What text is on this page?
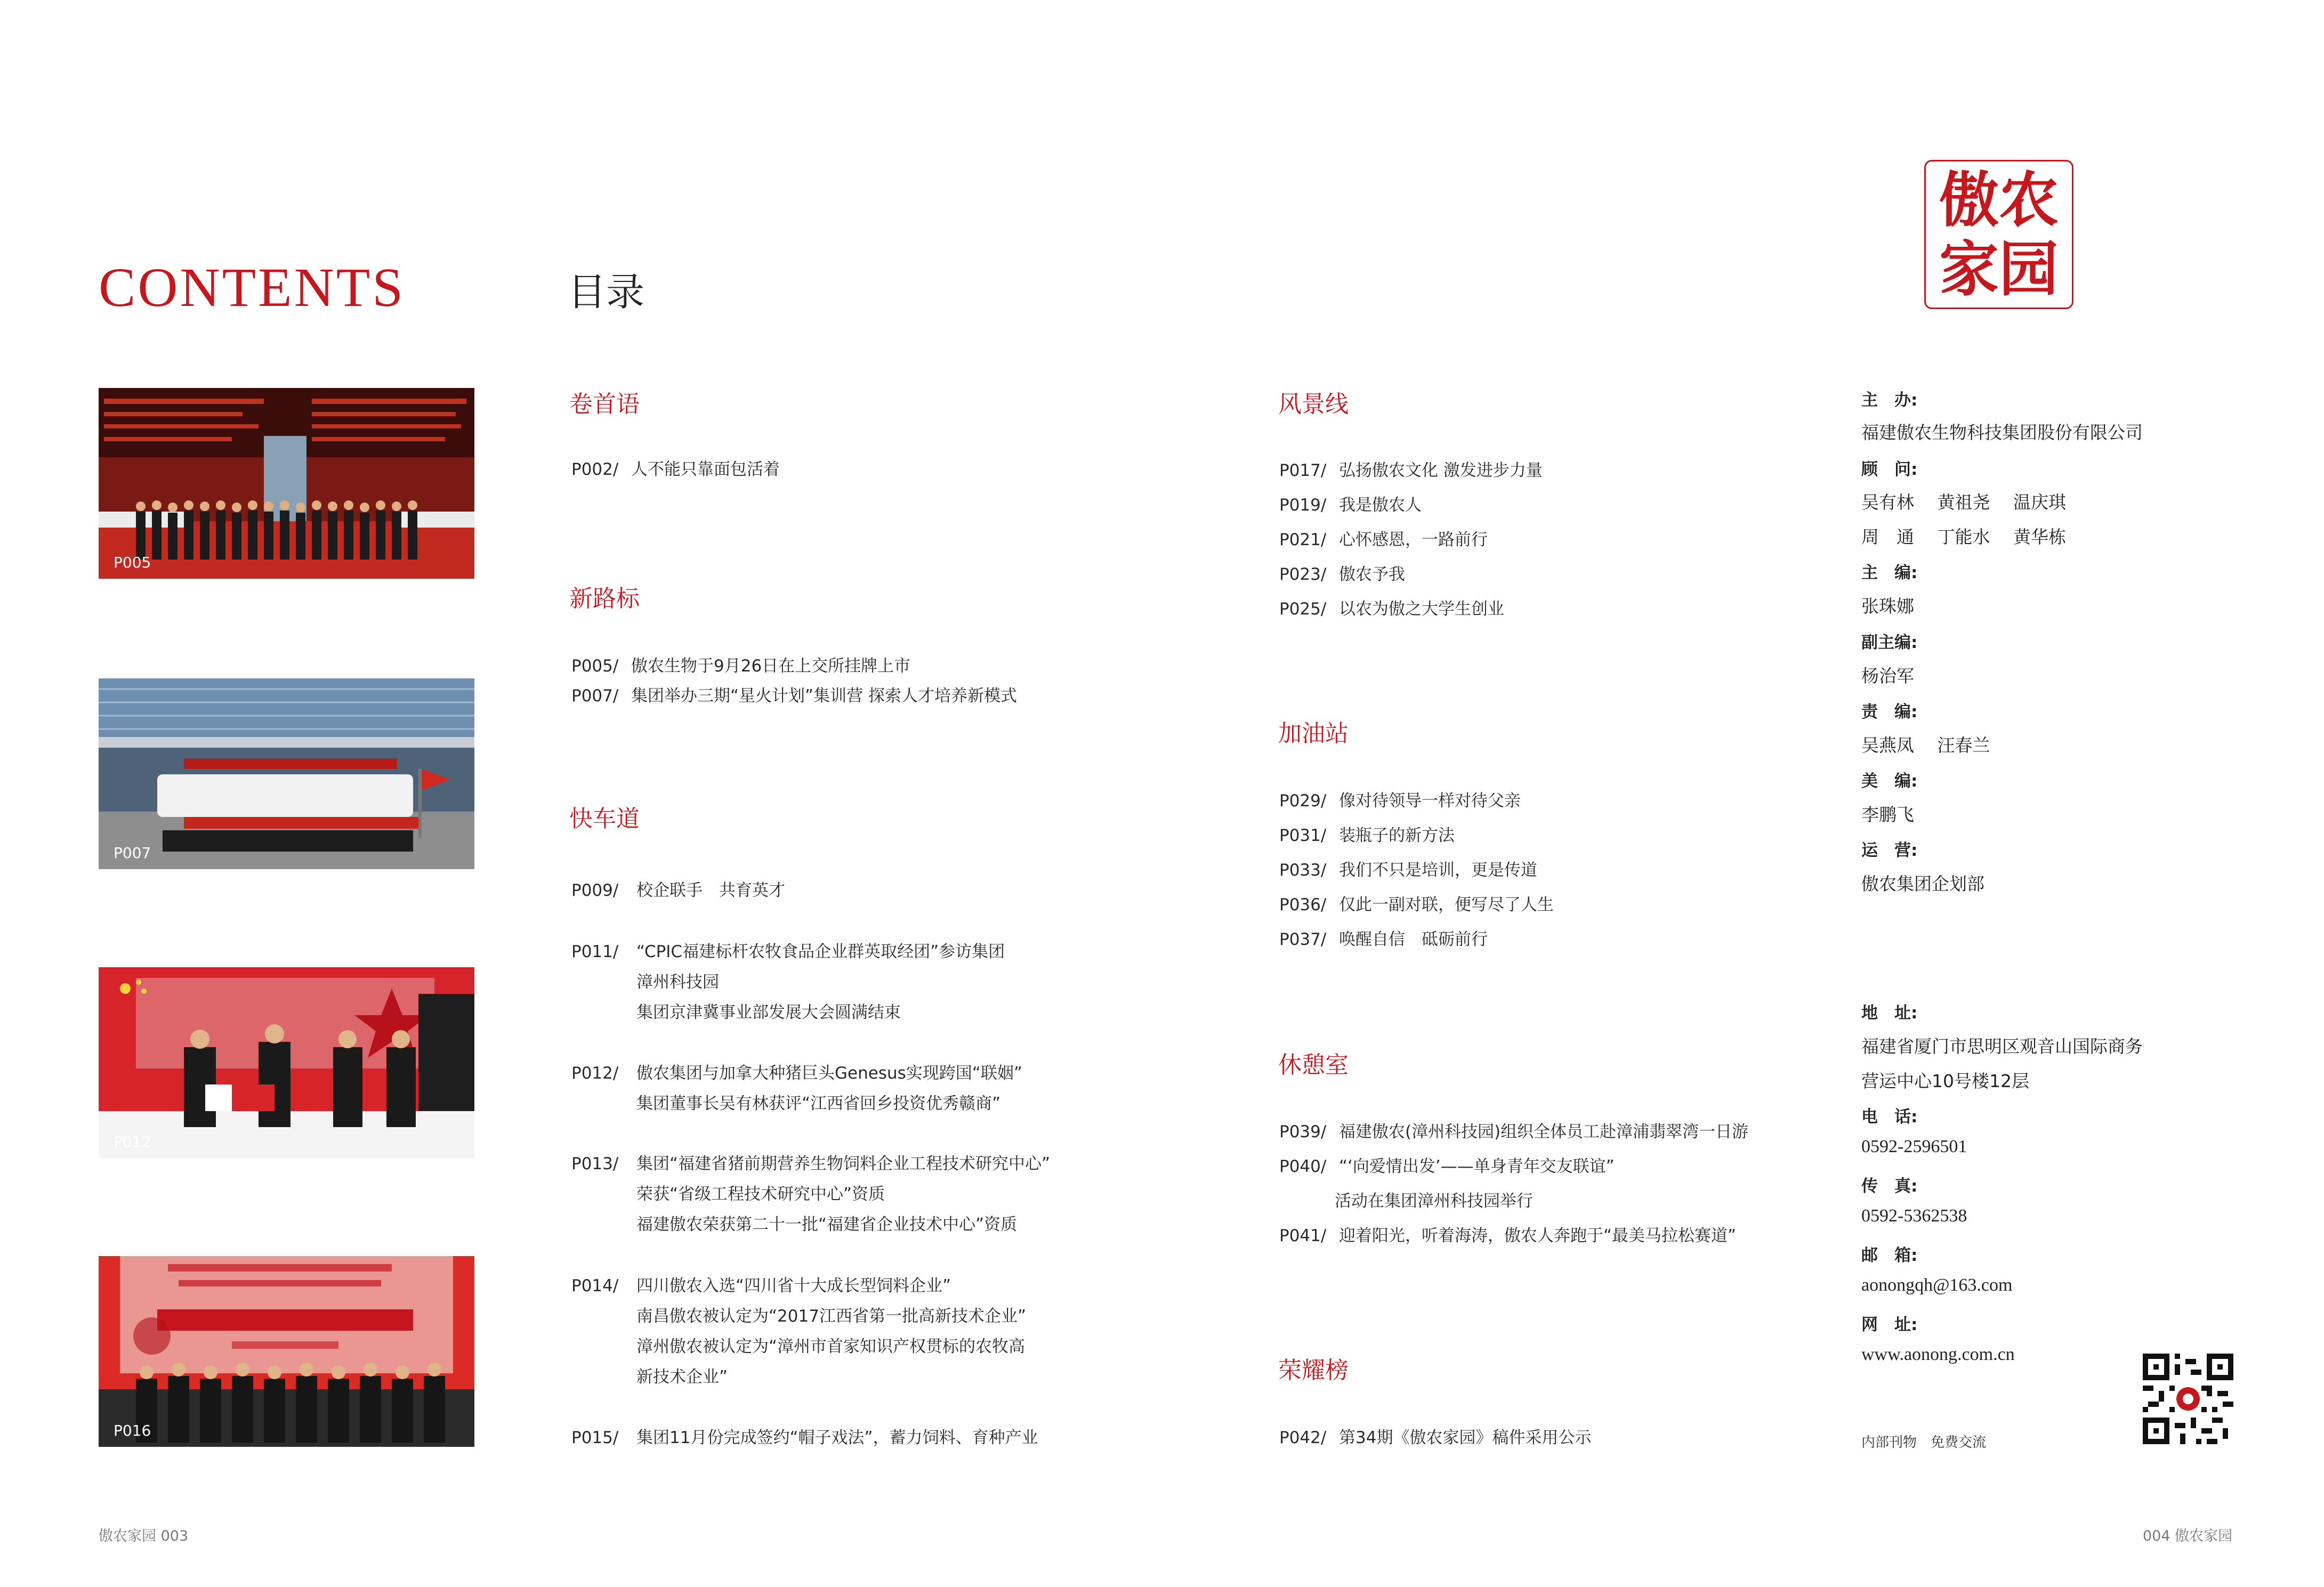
CONTENTS	目录
傲农
家园
P005
P007
P012
P016
卷首语
P002/ 人不能只靠面包活着
新路标
P005/ 傲农生物于9月26日在上交所挂牌上市
P007/ 集团举办三期“星火计划”集训营 探索人才培养新模式
快车道
P009/ 校企联手　共育英才
P011/ “CPIC福建标杆农牧食品企业群英取经团”参访集团
漳州科技园
集团京津冀事业部发展大会圆满结束
P012/ 傲农集团与加拿大种猪巨头Genesus实现跨国“联姻”
集团董事长吴有林获评“江西省回乡投资优秀赣商”
P013/ 集团“福建省猪前期营养生物饲料企业工程技术研究中心”
荣获“省级工程技术研究中心”资质
福建傲农荣获第二十一批“福建省企业技术中心”资质
P014/ 四川傲农入选“四川省十大成长型饲料企业”
南昌傲农被认定为“2017江西省第一批高新技术企业”
漳州傲农被认定为“漳州市首家知识产权贯标的农牧高
新技术企业”
P015/ 集团11月份完成签约“帽子戏法”，蓄力饲料、育种产业
风景线
P017/ 弘扬傲农文化 激发进步力量
P019/ 我是傲农人
P021/ 心怀感恩，一路前行
P023/ 傲农予我
P025/ 以农为傲之大学生创业
加油站
P029/ 像对待领导一样对待父亲
P031/ 装瓶子的新方法
P033/ 我们不只是培训，更是传道
P036/ 仅此一副对联，便写尽了人生
P037/ 唤醒自信　砥砺前行
休憩室
P039/ 福建傲农(漳州科技园)组织全体员工赴漳浦翡翠湾一日游
P040/ “‘向爱情出发’——单身青年交友联谊”
活动在集团漳州科技园举行
P041/ 迎着阳光，听着海涛，傲农人奔跑于“最美马拉松赛道”
荣耀榜
P042/ 第34期《傲农家园》稿件采用公示
主　办:
福建傲农生物科技集团股份有限公司
顾　问:
吴有林　 黄祖尧　 温庆琪
周　通　 丁能水　 黄华栋
主　编:
张珠娜
副主编:
杨治军
责　编:
吴燕凤　 汪春兰
美　编:
李鹏飞
运　营:
傲农集团企划部
地　址:
福建省厦门市思明区观音山国际商务
营运中心10号楼12层
电　话:
0592-2596501
传　真:
0592-5362538
邮　箱:
aonongqh@163.com
网　址:
www.aonong.com.cn
内部刊物　免费交流
傲农家园 003	004 傲农家园
